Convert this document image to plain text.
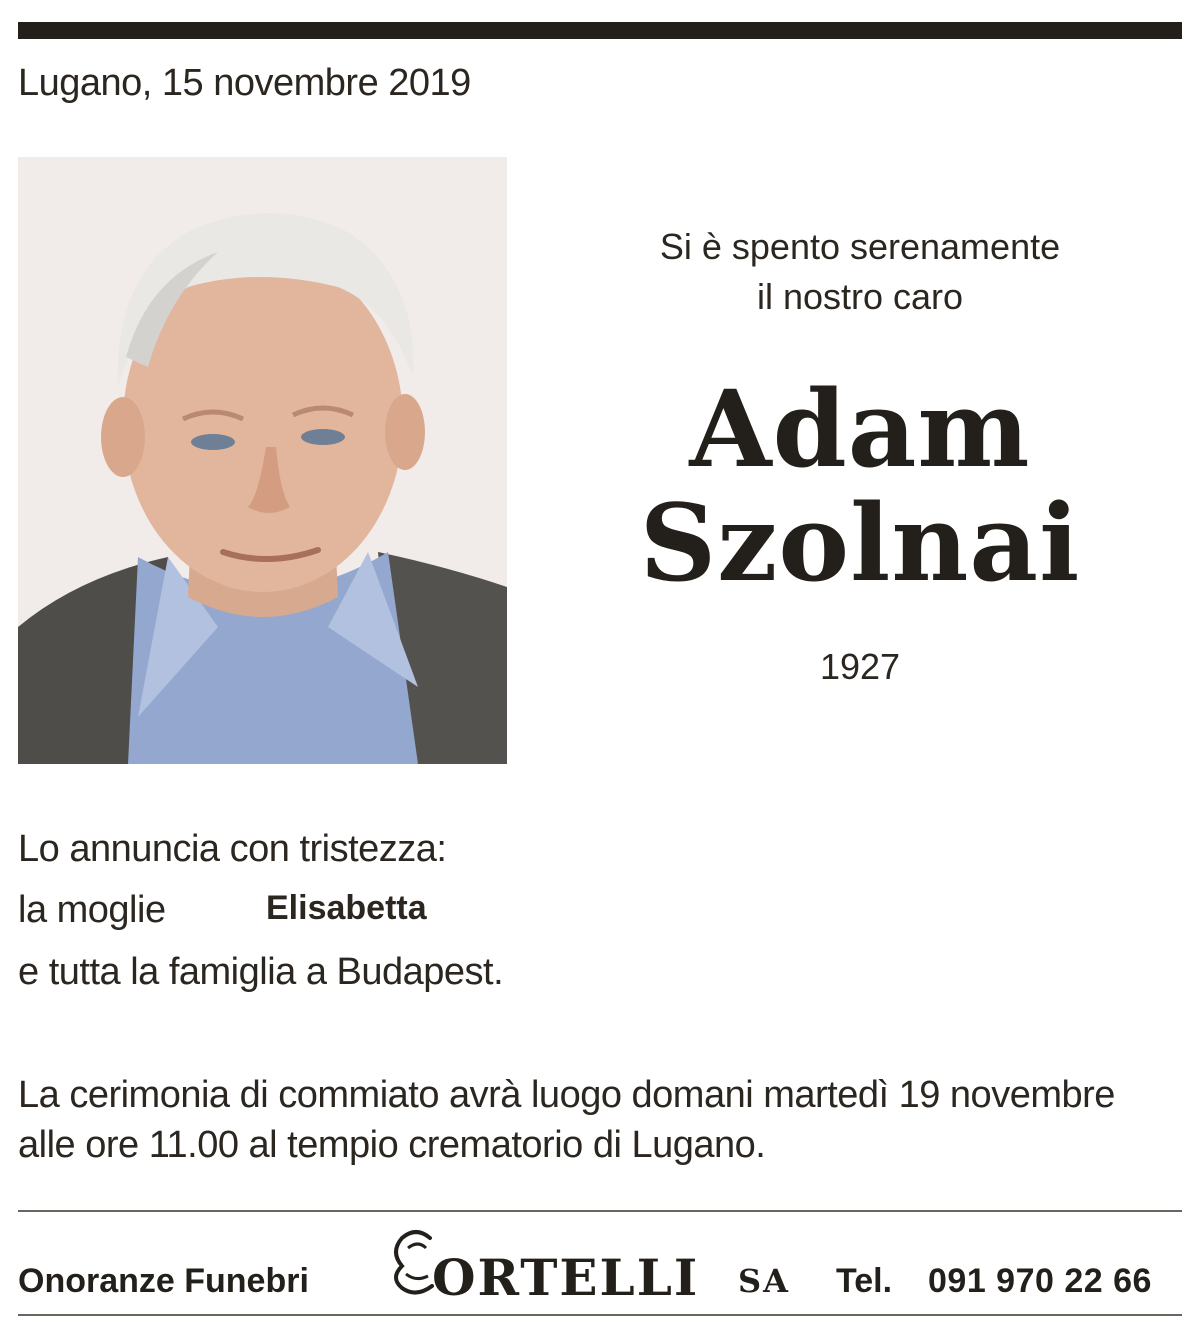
Lugano, 15 novembre 2019
Si è spento serenamente
il nostro caro
Adam
Szolnai
1927
Lo annuncia con tristezza:
la moglie	Elisabetta
e tutta la famiglia a Budapest.
La cerimonia di commiato avrà luogo domani martedì 19 novembre
alle ore 11.00 al tempio crematorio di Lugano.
Onoranze Funebri ORTELLI SA Tel. 091 970 22 66
